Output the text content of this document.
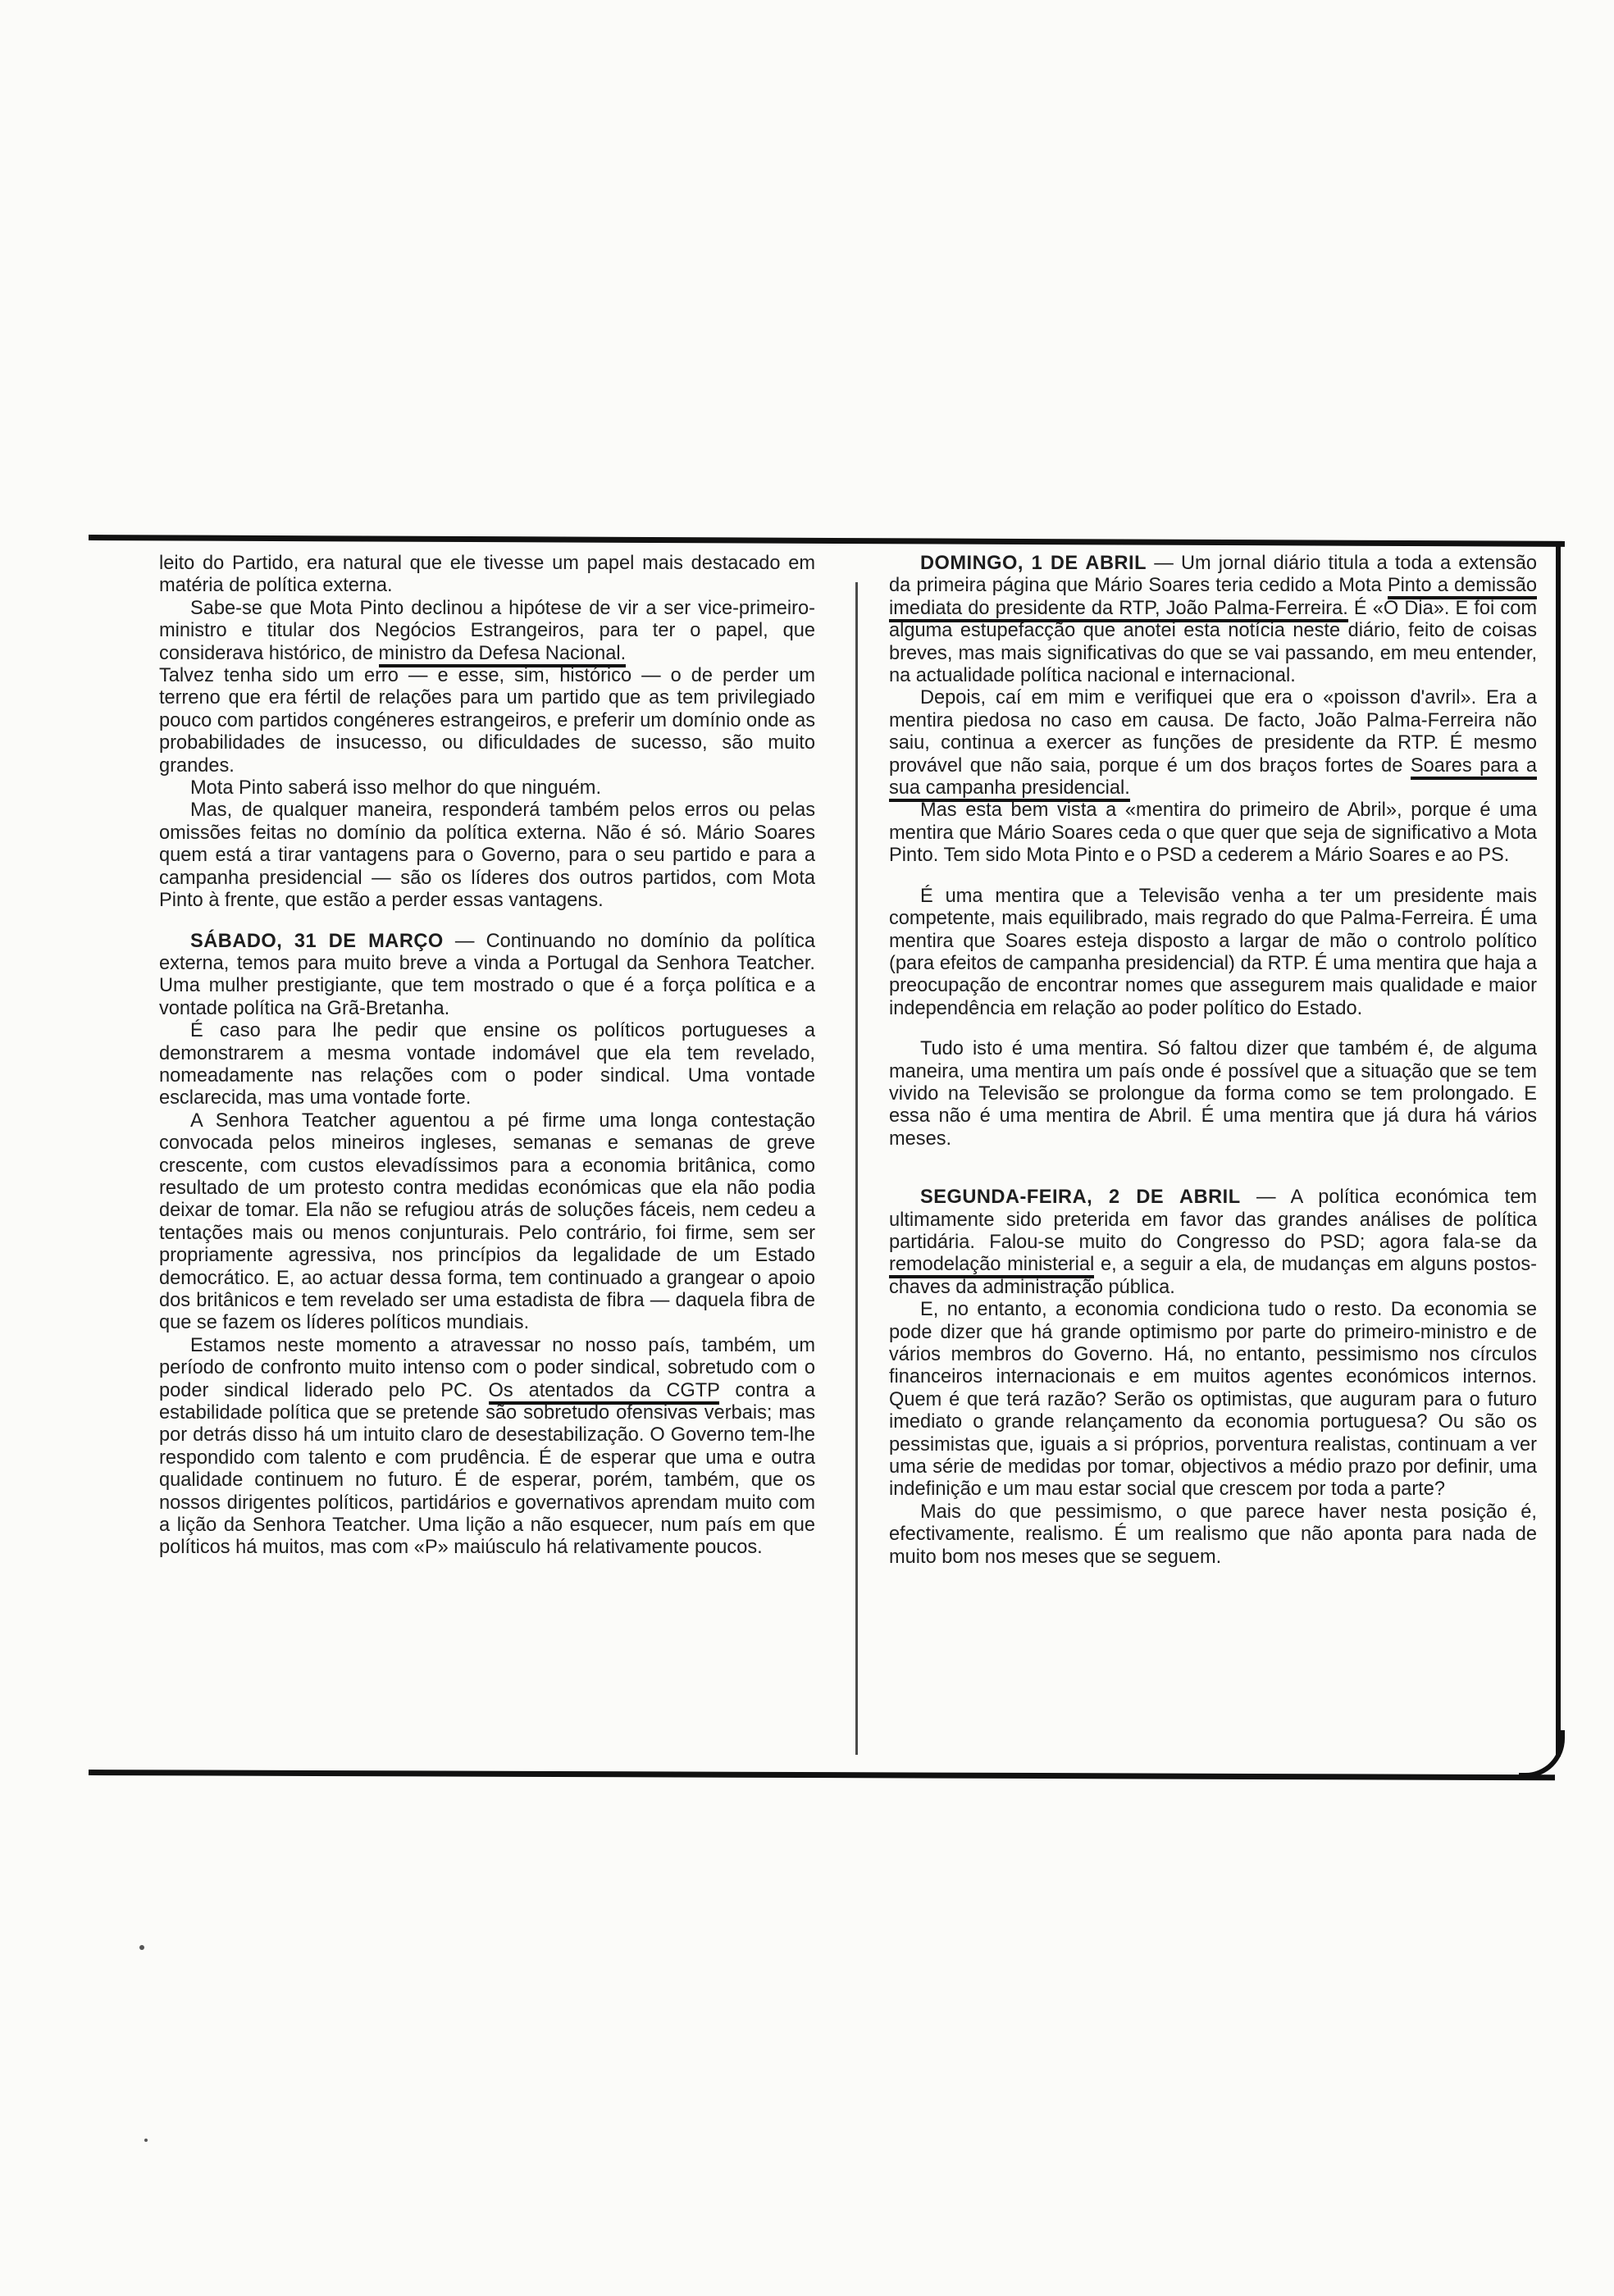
leito do Partido, era natural que ele tivesse um papel mais destacado em matéria de política externa.

Sabe-se que Mota Pinto declinou a hipótese de vir a ser vice-primeiro-ministro e titular dos Negócios Estrangeiros, para ter o papel, que considerava histórico, de ministro da Defesa Nacional.

Talvez tenha sido um erro — e esse, sim, histórico — o de perder um terreno que era fértil de relações para um partido que as tem privilegiado pouco com partidos congéneres estrangeiros, e preferir um domínio onde as probabilidades de insucesso, ou dificuldades de sucesso, são muito grandes.

Mota Pinto saberá isso melhor do que ninguém.

Mas, de qualquer maneira, responderá também pelos erros ou pelas omissões feitas no domínio da política externa. Não é só. Mário Soares quem está a tirar vantagens para o Governo, para o seu partido e para a campanha presidencial — são os líderes dos outros partidos, com Mota Pinto à frente, que estão a perder essas vantagens.

SÁBADO, 31 DE MARÇO — Continuando no domínio da política externa, temos para muito breve a vinda a Portugal da Senhora Teatcher. Uma mulher prestigiante, que tem mostrado o que é a força política e a vontade política na Grã-Bretanha.

É caso para lhe pedir que ensine os políticos portugueses a demonstrarem a mesma vontade indomável que ela tem revelado, nomeadamente nas relações com o poder sindical. Uma vontade esclarecida, mas uma vontade forte.

A Senhora Teatcher aguentou a pé firme uma longa contestação convocada pelos mineiros ingleses, semanas e semanas de greve crescente, com custos elevadíssimos para a economia britânica, como resultado de um protesto contra medidas económicas que ela não podia deixar de tomar. Ela não se refugiou atrás de soluções fáceis, nem cedeu a tentações mais ou menos conjunturais. Pelo contrário, foi firme, sem ser propriamente agressiva, nos princípios da legalidade de um Estado democrático. E, ao actuar dessa forma, tem continuado a grangear o apoio dos britânicos e tem revelado ser uma estadista de fibra — daquela fibra de que se fazem os líderes políticos mundiais.

Estamos neste momento a atravessar no nosso país, também, um período de confronto muito intenso com o poder sindical, sobretudo com o poder sindical liderado pelo PC. Os atentados da CGTP contra a estabilidade política que se pretende são sobretudo ofensivas verbais; mas por detrás disso há um intuito claro de desestabilização. O Governo tem-lhe respondido com talento e com prudência. É de esperar que uma e outra qualidade continuem no futuro. É de esperar, porém, também, que os nossos dirigentes políticos, partidários e governativos aprendam muito com a lição da Senhora Teatcher. Uma lição a não esquecer, num país em que políticos há muitos, mas com «P» maiúsculo há relativamente poucos.

DOMINGO, 1 DE ABRIL — Um jornal diário titula a toda a extensão da primeira página que Mário Soares teria cedido a Mota Pinto a demissão imediata do presidente da RTP, João Palma-Ferreira. É «O Dia». E foi com alguma estupefacção que anotei esta notícia neste diário, feito de coisas breves, mas mais significativas do que se vai passando, em meu entender, na actualidade política nacional e internacional.

Depois, caí em mim e verifiquei que era o «poisson d'avril». Era a mentira piedosa no caso em causa. De facto, João Palma-Ferreira não saiu, continua a exercer as funções de presidente da RTP. É mesmo provável que não saia, porque é um dos braços fortes de Soares para a sua campanha presidencial.

Mas esta bem vista a «mentira do primeiro de Abril», porque é uma mentira que Mário Soares ceda o que quer que seja de significativo a Mota Pinto. Tem sido Mota Pinto e o PSD a cederem a Mário Soares e ao PS.

É uma mentira que a Televisão venha a ter um presidente mais competente, mais equilibrado, mais regrado do que Palma-Ferreira. É uma mentira que Soares esteja disposto a largar de mão o controlo político (para efeitos de campanha presidencial) da RTP. É uma mentira que haja a preocupação de encontrar nomes que assegurem mais qualidade e maior independência em relação ao poder político do Estado.

Tudo isto é uma mentira. Só faltou dizer que também é, de alguma maneira, uma mentira um país onde é possível que a situação que se tem vivido na Televisão se prolongue da forma como se tem prolongado. E essa não é uma mentira de Abril. É uma mentira que já dura há vários meses.

SEGUNDA-FEIRA, 2 DE ABRIL — A política económica tem ultimamente sido preterida em favor das grandes análises de política partidária. Falou-se muito do Congresso do PSD; agora fala-se da remodelação ministerial e, a seguir a ela, de mudanças em alguns postos-chaves da administração pública.

E, no entanto, a economia condiciona tudo o resto. Da economia se pode dizer que há grande optimismo por parte do primeiro-ministro e de vários membros do Governo. Há, no entanto, pessimismo nos círculos financeiros internacionais e em muitos agentes económicos internos. Quem é que terá razão? Serão os optimistas, que auguram para o futuro imediato o grande relançamento da economia portuguesa? Ou são os pessimistas que, iguais a si próprios, porventura realistas, continuam a ver uma série de medidas por tomar, objectivos a médio prazo por definir, uma indefinição e um mau estar social que crescem por toda a parte?

Mais do que pessimismo, o que parece haver nesta posição é, efectivamente, realismo. É um realismo que não aponta para nada de muito bom nos meses que se seguem.
